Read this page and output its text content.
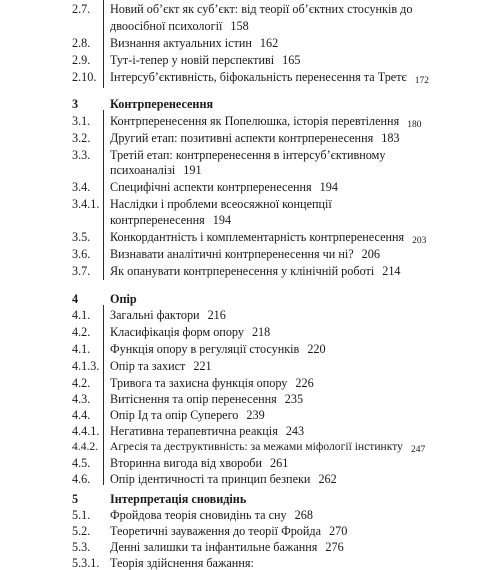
2.7. Новий об’єкт як суб’єкт: від теорії об’єктних стосунків до
двоосібної психології 158
2.8. Визнання актуальних істин 162
2.9. Тут-і-тепер у новій перспективі 165
2.10. Інтерсуб’єктивність, біфокальність перенесення та Третє 172
3	Контрперенесення
3.1. Контрперенесення як Попелюшка, історія перевтілення 180
3.2. Другий етап: позитивні аспекти контрперенесення 183
3.3. Третій етап: контрперенесення в інтерсуб’єктивному
психоаналізі 191
3.4. Специфічні аспекти контрперенесення 194
3.4.1. Наслідки і проблеми всеосяжної концепції
контрперенесення 194
3.5. Конкордантність і комплементарність контрперенесення 203
3.6. Визнавати аналітичні контрперенесення чи ні? 206
3.7. Як опанувати контрперенесення у клінічній роботі 214
4	Опір
4.1. Загальні фактори 216
4.2. Класифікація форм опору 218
4.1. Функція опору в регуляції стосунків 220
4.1.3. Опір та захист 221
4.2. Тривога та захисна функція опору 226
4.3. Витіснення та опір перенесення 235
4.4. Опір Ід та опір Суперего 239
4.4.1. Негативна терапевтична реакція 243
4.4.2. Агресія та деструктивність: за межами міфології інстинкту 247
4.5. Вторинна вигода від хвороби 261
4.6. Опір ідентичності та принцип безпеки 262
5	Інтерпретація сновидінь
5.1. Фройдова теорія сновидінь та сну 268
5.2. Теоретичні зауваження до теорії Фройда 270
5.3. Денні залишки та інфантильне бажання 276
5.3.1. Теорія здійснення бажання:
